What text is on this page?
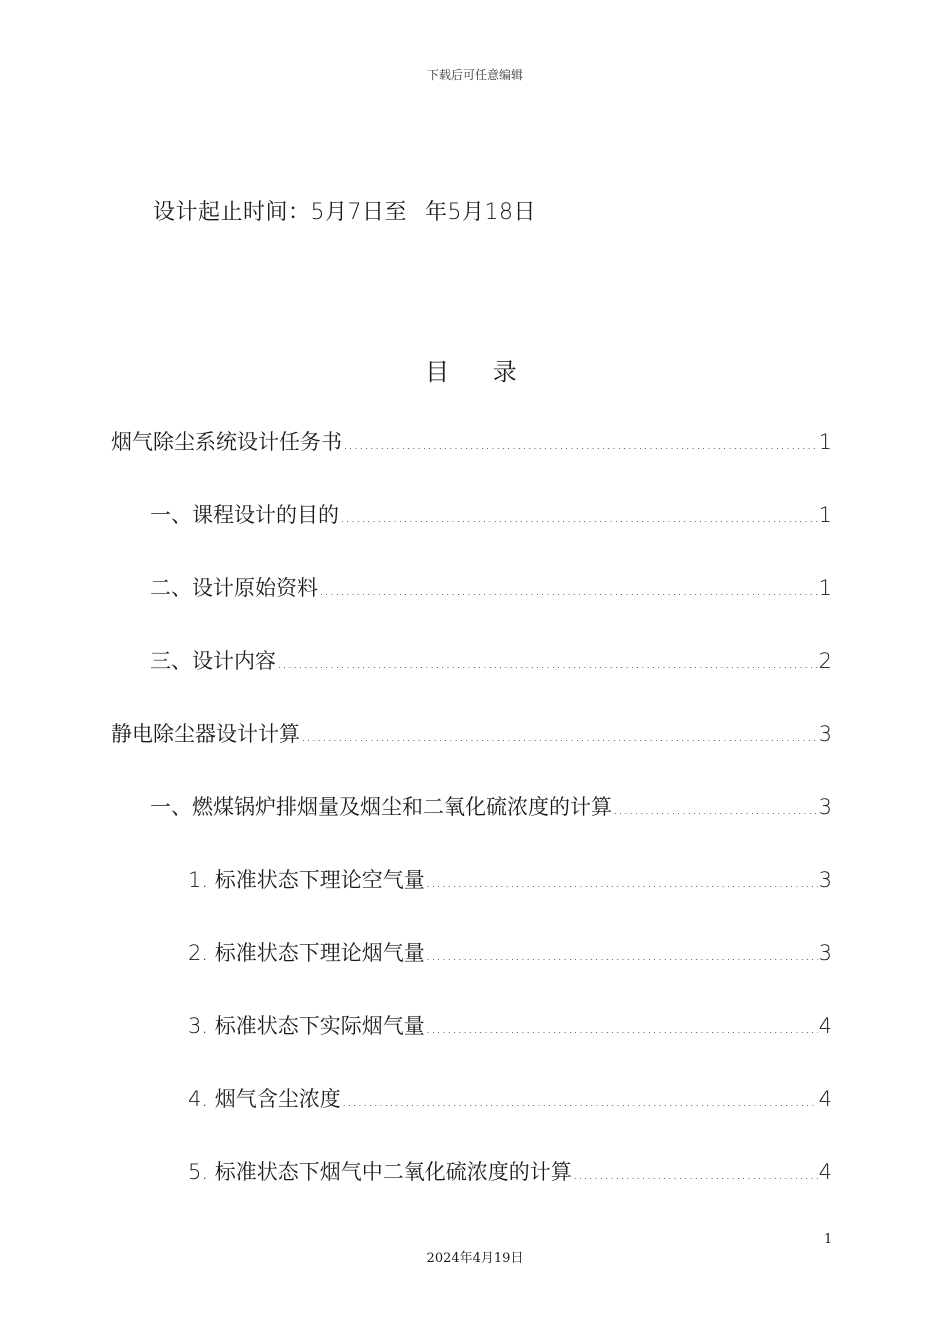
下载后可任意编辑
设计起止时间：5月7日至 年5月18日
目 录
烟气除尘系统设计任务书 .....	1
一、课程设计的目的 .....	1
二、设计原始资料 .....	1
三、设计内容 .....	2
静电除尘器设计计算 .....	3
一、燃煤锅炉排烟量及烟尘和二氧化硫浓度的计算 .....	3
1. 标准状态下理论空气量 .....	3
2. 标准状态下理论烟气量 .....	3
3. 标准状态下实际烟气量 .....	4
4. 烟气含尘浓度 .....	4
5. 标准状态下烟气中二氧化硫浓度的计算 .....	4
1
2024年4月19日
